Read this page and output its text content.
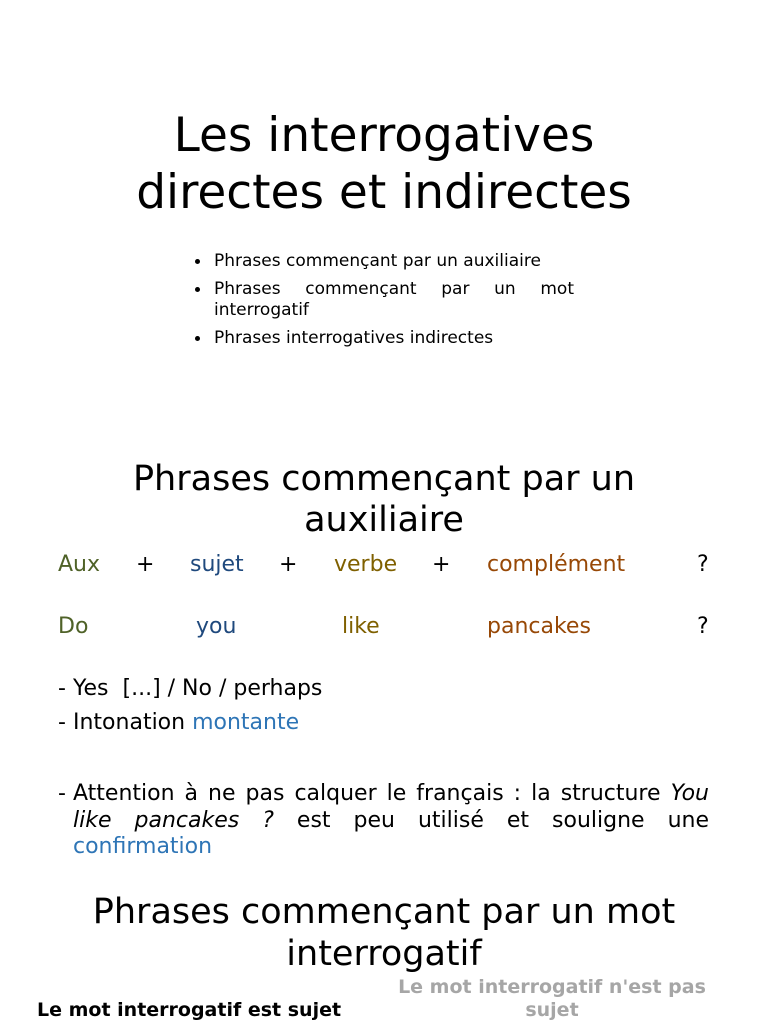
Les interrogatives directes et indirectes
Phrases commençant par un auxiliaire
Phrases commençant par un mot interrogatif
Phrases interrogatives indirectes
Phrases commençant par un auxiliaire
Aux + sujet + verbe + complément	?
Do	you	like	pancakes	?
- Yes  [...] / No / perhaps
- Intonation montante
- Attention à ne pas calquer le français : la structure You like pancakes ? est peu utilisé et souligne une confirmation
Phrases commençant par un mot interrogatif
Le mot interrogatif est sujet
Le mot interrogatif n'est pas sujet
